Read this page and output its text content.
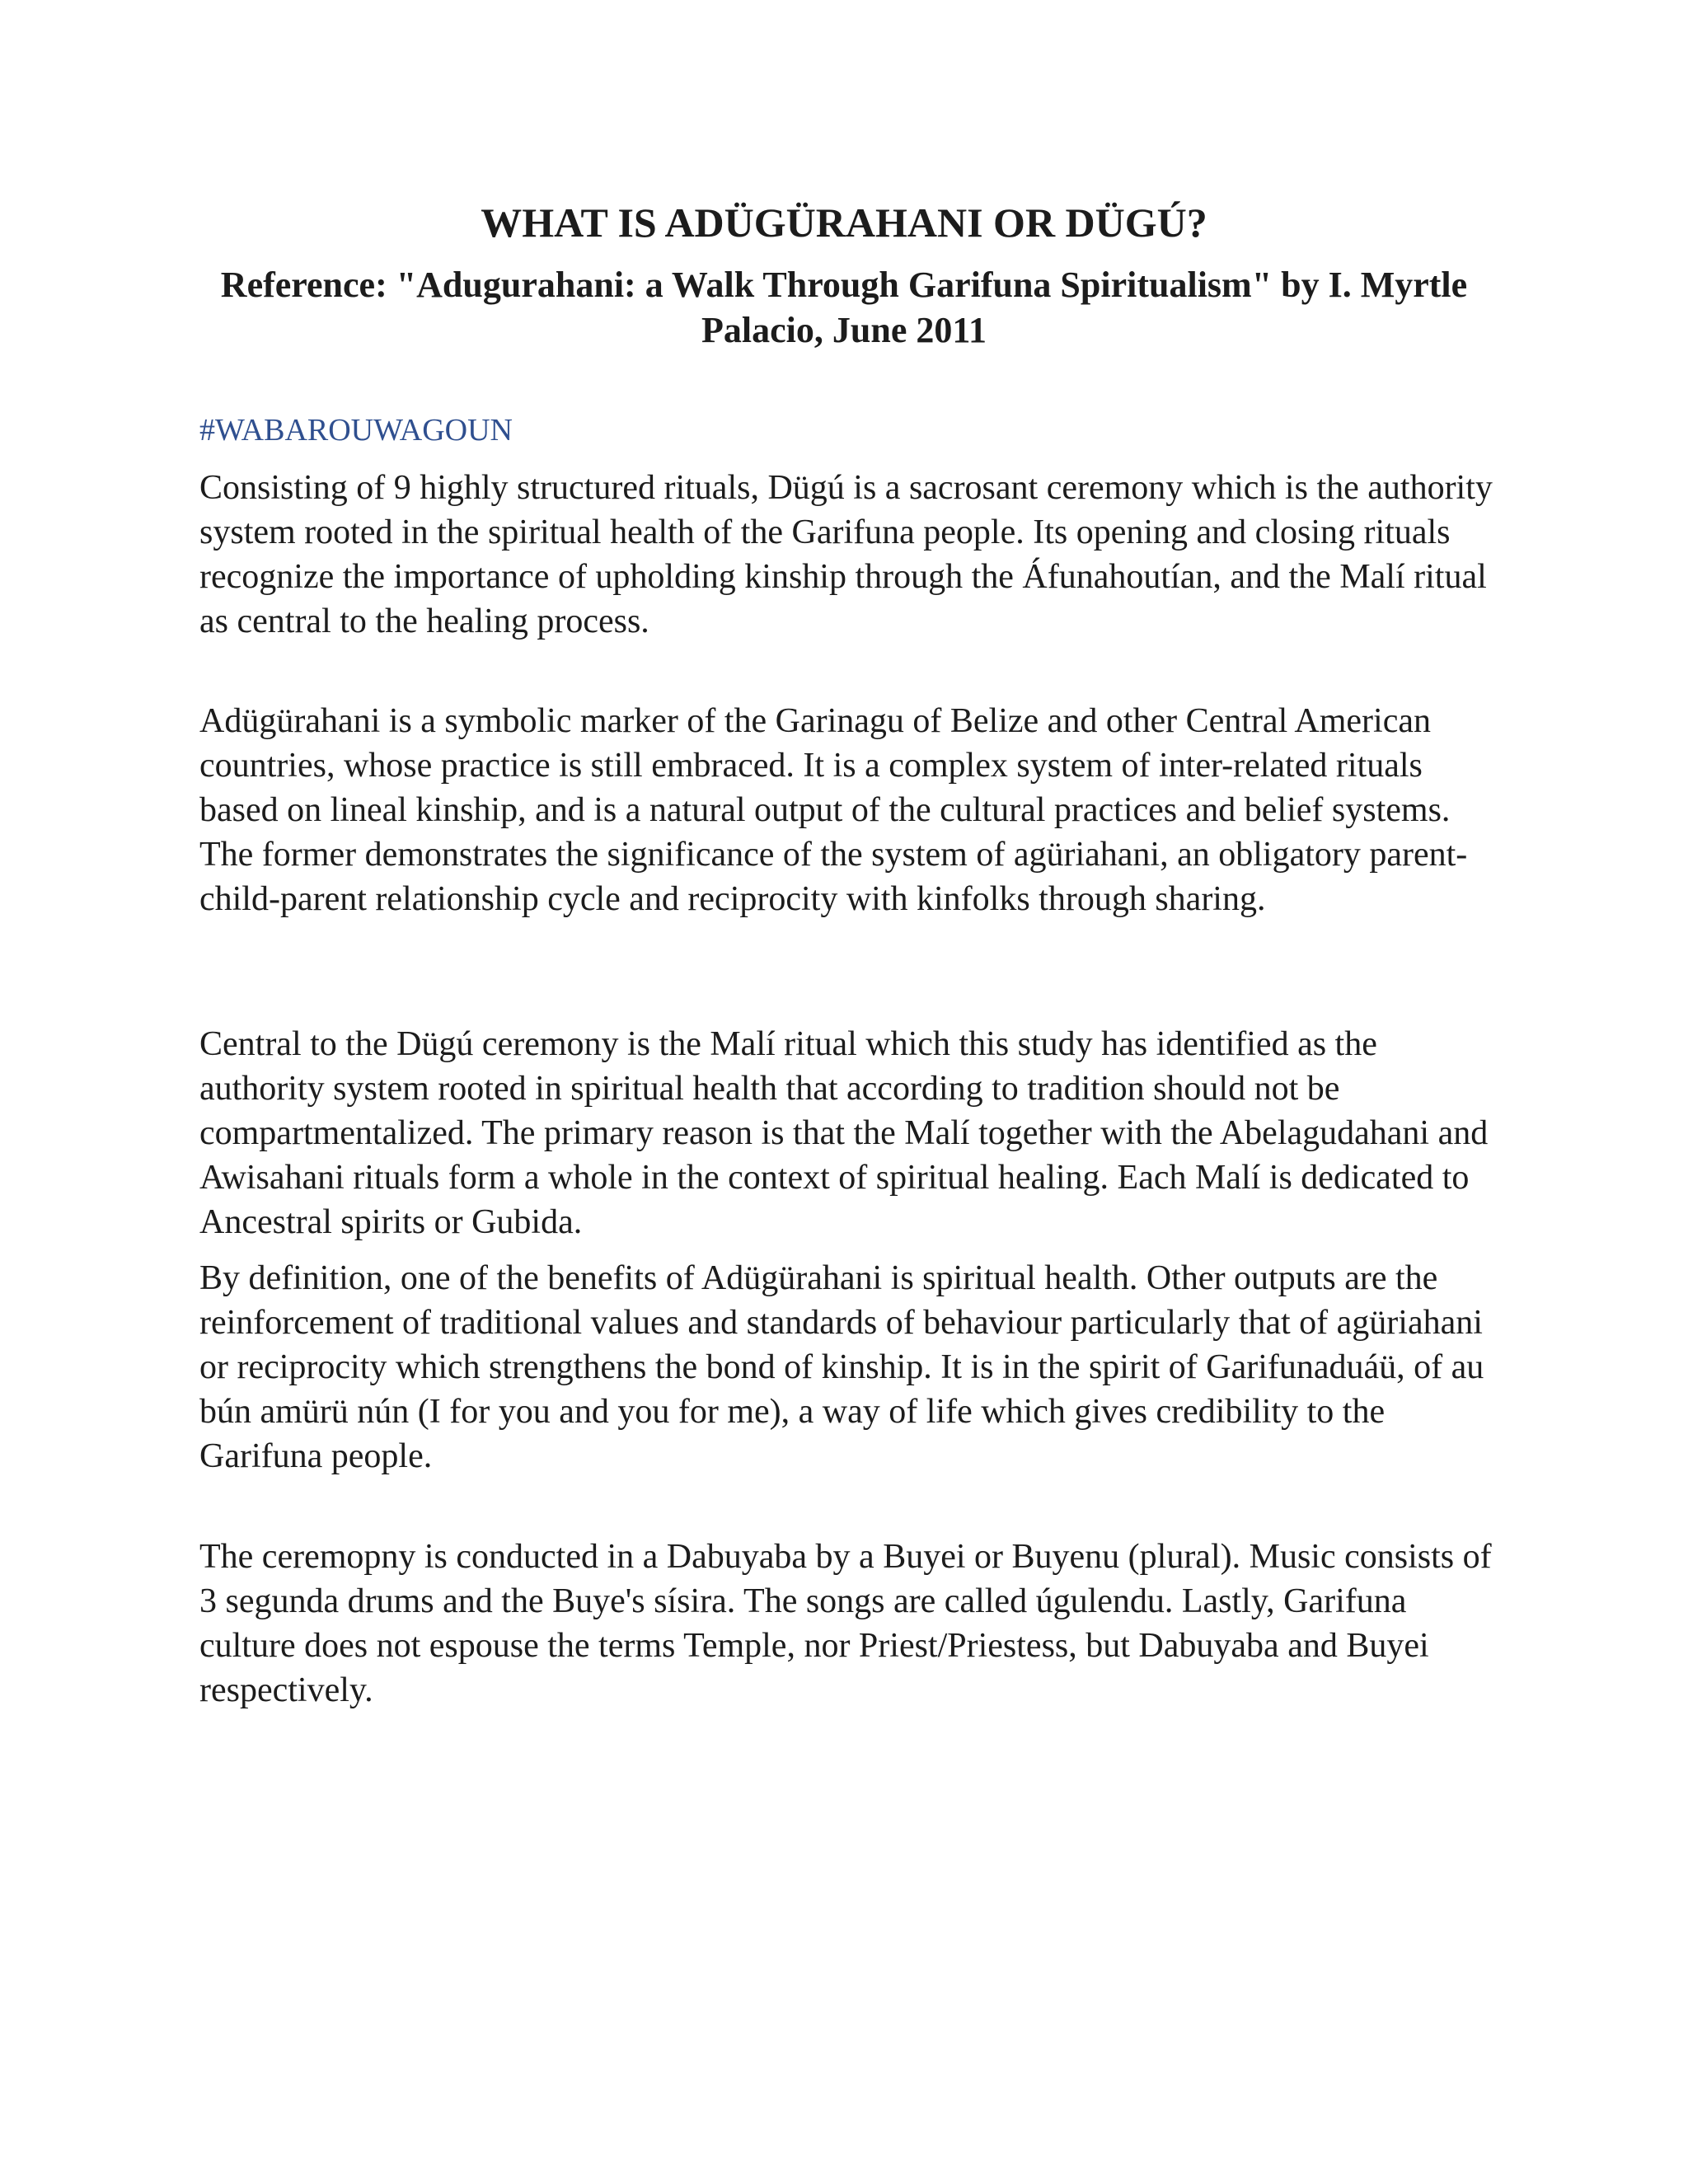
WHAT IS ADÜGÜRAHANI OR DÜGÚ?
Reference: "Adugurahani: a Walk Through Garifuna Spiritualism" by I. Myrtle Palacio, June 2011

#WABAROUWAGOUN

Consisting of 9 highly structured rituals, Dügú is a sacrosant ceremony which is the authority system rooted in the spiritual health of the Garifuna people. Its opening and closing rituals recognize the importance of upholding kinship through the Áfunahoutían, and the Malí ritual as central to the healing process.

Adügürahani is a symbolic marker of the Garinagu of Belize and other Central American countries, whose practice is still embraced. It is a complex system of inter-related rituals based on lineal kinship, and is a natural output of the cultural practices and belief systems. The former demonstrates the significance of the system of agüriahani, an obligatory parent-child-parent relationship cycle and reciprocity with kinfolks through sharing.

Central to the Dügú ceremony is the Malí ritual which this study has identified as the authority system rooted in spiritual health that according to tradition should not be compartmentalized. The primary reason is that the Malí together with the Abelagudahani and Awisahani rituals form a whole in the context of spiritual healing. Each Malí is dedicated to Ancestral spirits or Gubida.

By definition, one of the benefits of Adügürahani is spiritual health. Other outputs are the reinforcement of traditional values and standards of behaviour particularly that of agüriahani or reciprocity which strengthens the bond of kinship. It is in the spirit of Garifunaduáü, of au bún amürü nún (I for you and you for me), a way of life which gives credibility to the Garifuna people.

The ceremopny is conducted in a Dabuyaba by a Buyei or Buyenu (plural). Music consists of 3 segunda drums and the Buye's sísira. The songs are called úgulendu. Lastly, Garifuna culture does not espouse the terms Temple, nor Priest/Priestess, but Dabuyaba and Buyei respectively.
